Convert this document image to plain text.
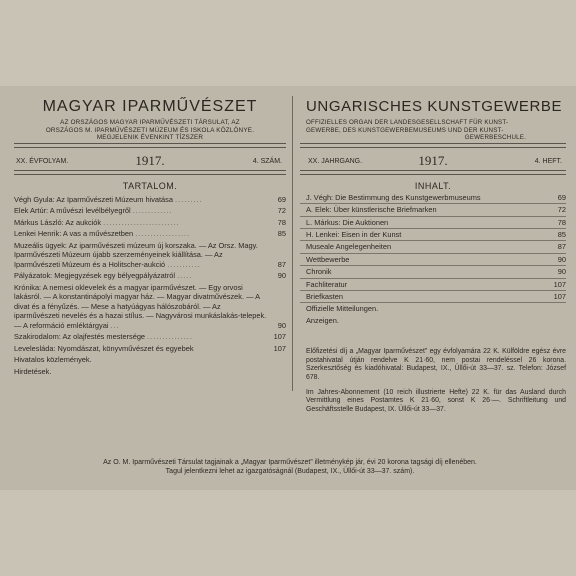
MAGYAR IPARMŰVÉSZET
AZ ORSZÁGOS MAGYAR IPARMŰVÉSZETI TÁRSULAT, AZ
ORSZÁGOS M. IPARMŰVÉSZETI MÚZEUM ÉS ISKOLA KÖZLÖNYE.
MEGJELENIK ÉVENKINT TÍZSZER
XX. ÉVFOLYAM.	1917.	4. SZÁM.
TARTALOM.
Végh Gyula: Az Iparművészeti Múzeum hivatása .........	69
Elek Artúr: A művészi levélbélyegről .............	72
Márkus László: Az aukciók .........................	78
Lenkei Henrik: A vas a művészetben ..................	85
Muzeális ügyek: Az iparművészeti múzeum új korszaka. — Az Orsz. Magy. Iparművészeti Múzeum újabb szerzeményeinek kiállítása. — Az Iparművészeti Múzeum és a Holitscher-aukció ...........	87
Pályázatok: Megjegyzések egy bélyegpályázatról .....	90
Krónika: A nemesi oklevelek és a magyar iparművészet. — Egy orvosi lakásról. — A konstantinápolyi magyar ház. — Magyar divatművészek. — A divat és a fényűzés. — Mese a hatyúágyas hálószobáról. — Az iparművészeti nevelés és a hazai stílus. — Nagyvárosi munkáslakás-telepek. — A reformáció emléktárgyai ...	90
Szakirodalom: Az olajfestés mestersége ...............	107
Levelesláda: Nyomdászat, könyvművészet és egyebek	107
Hivatalos közlemények.
Hirdetések.
UNGARISCHES KUNSTGEWERBE
OFFIZIELLES ORGAN DER LANDESGESELLSCHAFT FÜR KUNST-
GEWERBE, DES KUNSTGEWERBEMUSEUMS UND DER KUNST-
GEWERBESCHULE.
XX. JAHRGANG.	1917.	4. HEFT.
INHALT.
J. Végh: Die Bestimmung des Kunstgewerbmuseums	69
A. Elek: Über künstlerische Briefmarken	72
L. Márkus: Die Auktionen	78
H. Lenkei: Eisen in der Kunst	85
Museale Angelegenheiten	87
Wettbewerbe	90
Chronik	90
Fachliteratur	107
Briefkasten	107
Offizielle Mitteilungen.
Anzeigen.
Előfizetési díj a „Magyar Iparművészet” egy évfolyamára 22 K. Külföldre egész évre postahivatal útján rendelve K 21·60, nem postai rendeléssel 26 korona. Szerkesztőség és kiadóhivatal: Budapest, IX., Üllői-út 33—37. sz. Telefon: József 678.
Im Jahres-Abonnement (10 reich illustrierte Hefte) 22 K. für das Ausland durch Vermittlung eines Postamtes K 21·60, sonst K 26·—. Schriftleitung und Geschäftsstelle Budapest, IX. Üllői-út 33—37.
Az O. M. Iparművészeti Társulat tagjainak a „Magyar Iparművészet” illetménykép jár, évi 20 korona tagsági díj ellenében.
Tagul jelentkezni lehet az igazgatóságnál (Budapest, IX., Üllői-út 33—37. szám).
